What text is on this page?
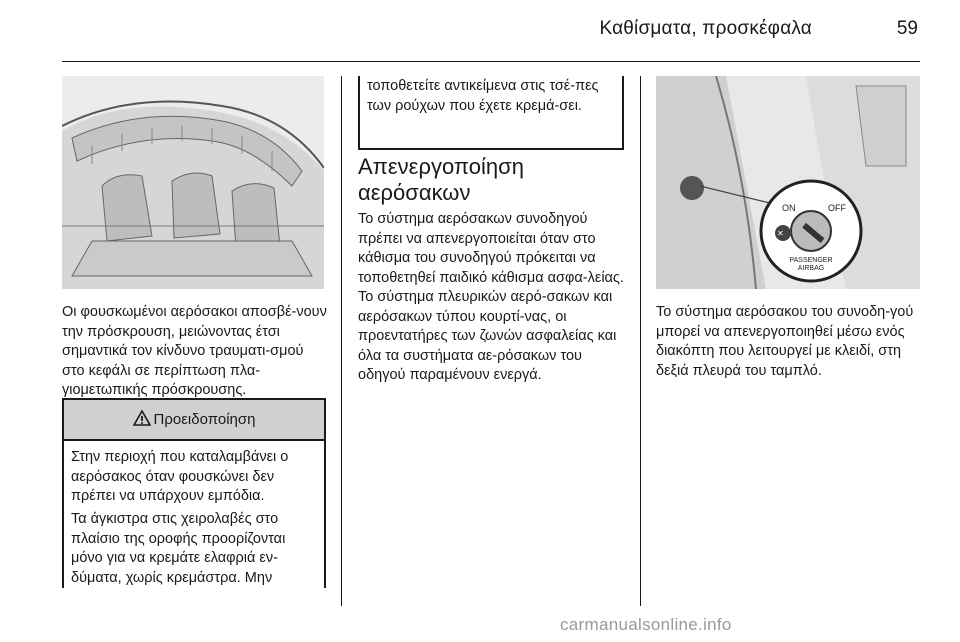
Καθίσματα, προσκέφαλα	59
Οι φουσκωμένοι αερόσακοι αποσβέ-νουν την πρόσκρουση, μειώνοντας έτσι σημαντικά τον κίνδυνο τραυματι-σμού στο κεφάλι σε περίπτωση πλα-γιομετωπικής πρόσκρουσης.
Προειδοποίηση
Στην περιοχή που καταλαμβάνει ο αερόσακος όταν φουσκώνει δεν πρέπει να υπάρχουν εμπόδια.
Τα άγκιστρα στις χειρολαβές στο πλαίσιο της οροφής προορίζονται μόνο για να κρεμάτε ελαφριά εν-δύματα, χωρίς κρεμάστρα. Μην
τοποθετείτε αντικείμενα στις τσέ-πες των ρούχων που έχετε κρεμά-σει.
Απενεργοποίηση αερόσακων
Το σύστημα αερόσακων συνοδηγού πρέπει να απενεργοποιείται όταν στο κάθισμα του συνοδηγού πρόκειται να τοποθετηθεί παιδικό κάθισμα ασφα-λείας. Το σύστημα πλευρικών αερό-σακων και αερόσακων τύπου κουρτί-νας, οι προεντατήρες των ζωνών ασφαλείας και όλα τα συστήματα αε-ρόσακων του οδηγού παραμένουν ενεργά.
✕
ON	OFF
PASSENGER
AIRBAG
Το σύστημα αερόσακου του συνοδη-γού μπορεί να απενεργοποιηθεί μέσω ενός διακόπτη που λειτουργεί με κλειδί, στη δεξιά πλευρά του ταμπλό.
carmanualsonline.info
